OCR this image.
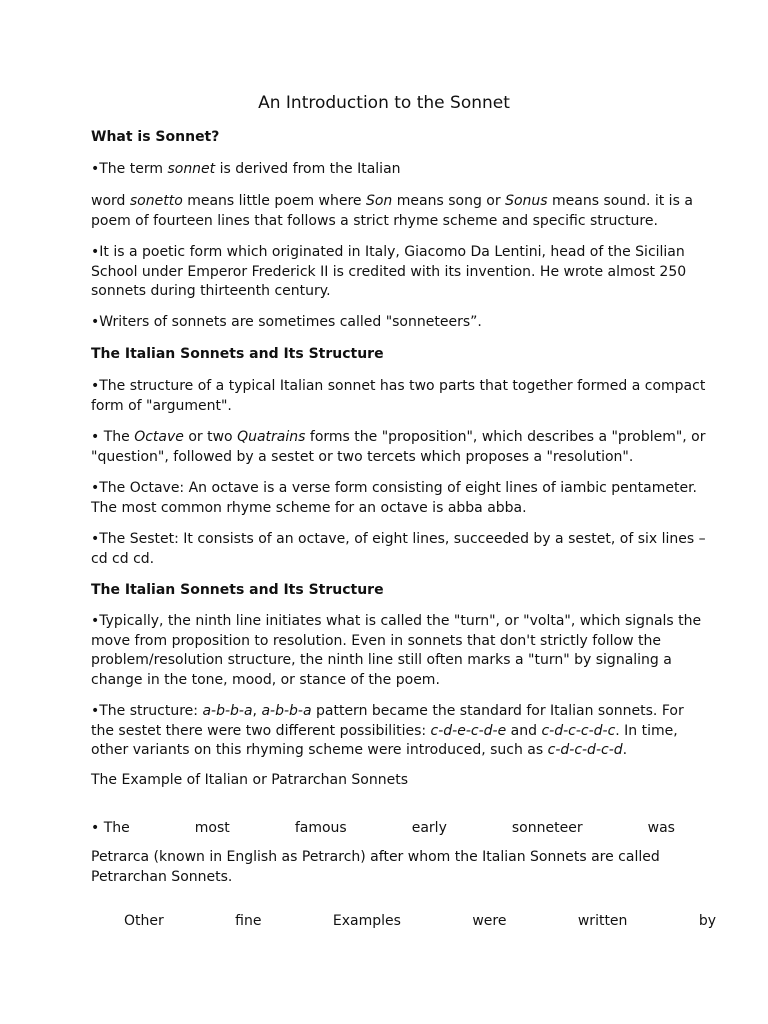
An Introduction to the Sonnet

What is Sonnet?

•The term sonnet is derived from the Italian

word sonetto means little poem where Son means song or Sonus means sound. it is a poem of fourteen lines that follows a strict rhyme scheme and specific structure.

•It is a poetic form which originated in Italy, Giacomo Da Lentini, head of the Sicilian School under Emperor Frederick II is credited with its invention. He wrote almost 250 sonnets during thirteenth century.

•Writers of sonnets are sometimes called "sonneteers”.

The Italian Sonnets and Its Structure

•The structure of a typical Italian sonnet has two parts that together formed a compact form of "argument".

• The Octave or two Quatrains forms the "proposition", which describes a "problem", or "question", followed by a sestet or two tercets which proposes a "resolution".

•The Octave: An octave is a verse form consisting of eight lines of iambic pentameter. The most common rhyme scheme for an octave is abba abba.

•The Sestet: It consists of an octave, of eight lines, succeeded by a sestet, of six lines – cd cd cd.

The Italian Sonnets and Its Structure

•Typically, the ninth line initiates what is called the "turn", or "volta", which signals the move from proposition to resolution. Even in sonnets that don't strictly follow the problem/resolution structure, the ninth line still often marks a "turn" by signaling a change in the tone, mood, or stance of the poem.

•The structure: a-b-b-a, a-b-b-a pattern became the standard for Italian sonnets. For the sestet there were two different possibilities: c-d-e-c-d-e and c-d-c-c-d-c. In time, other variants on this rhyming scheme were introduced, such as c-d-c-d-c-d.

The Example of Italian or Patrarchan Sonnets

• The	most	famous	early	sonneteer	was

Petrarca (known in English as Petrarch) after whom the Italian Sonnets are called Petrarchan Sonnets.

Other	fine	Examples	were	written	by
